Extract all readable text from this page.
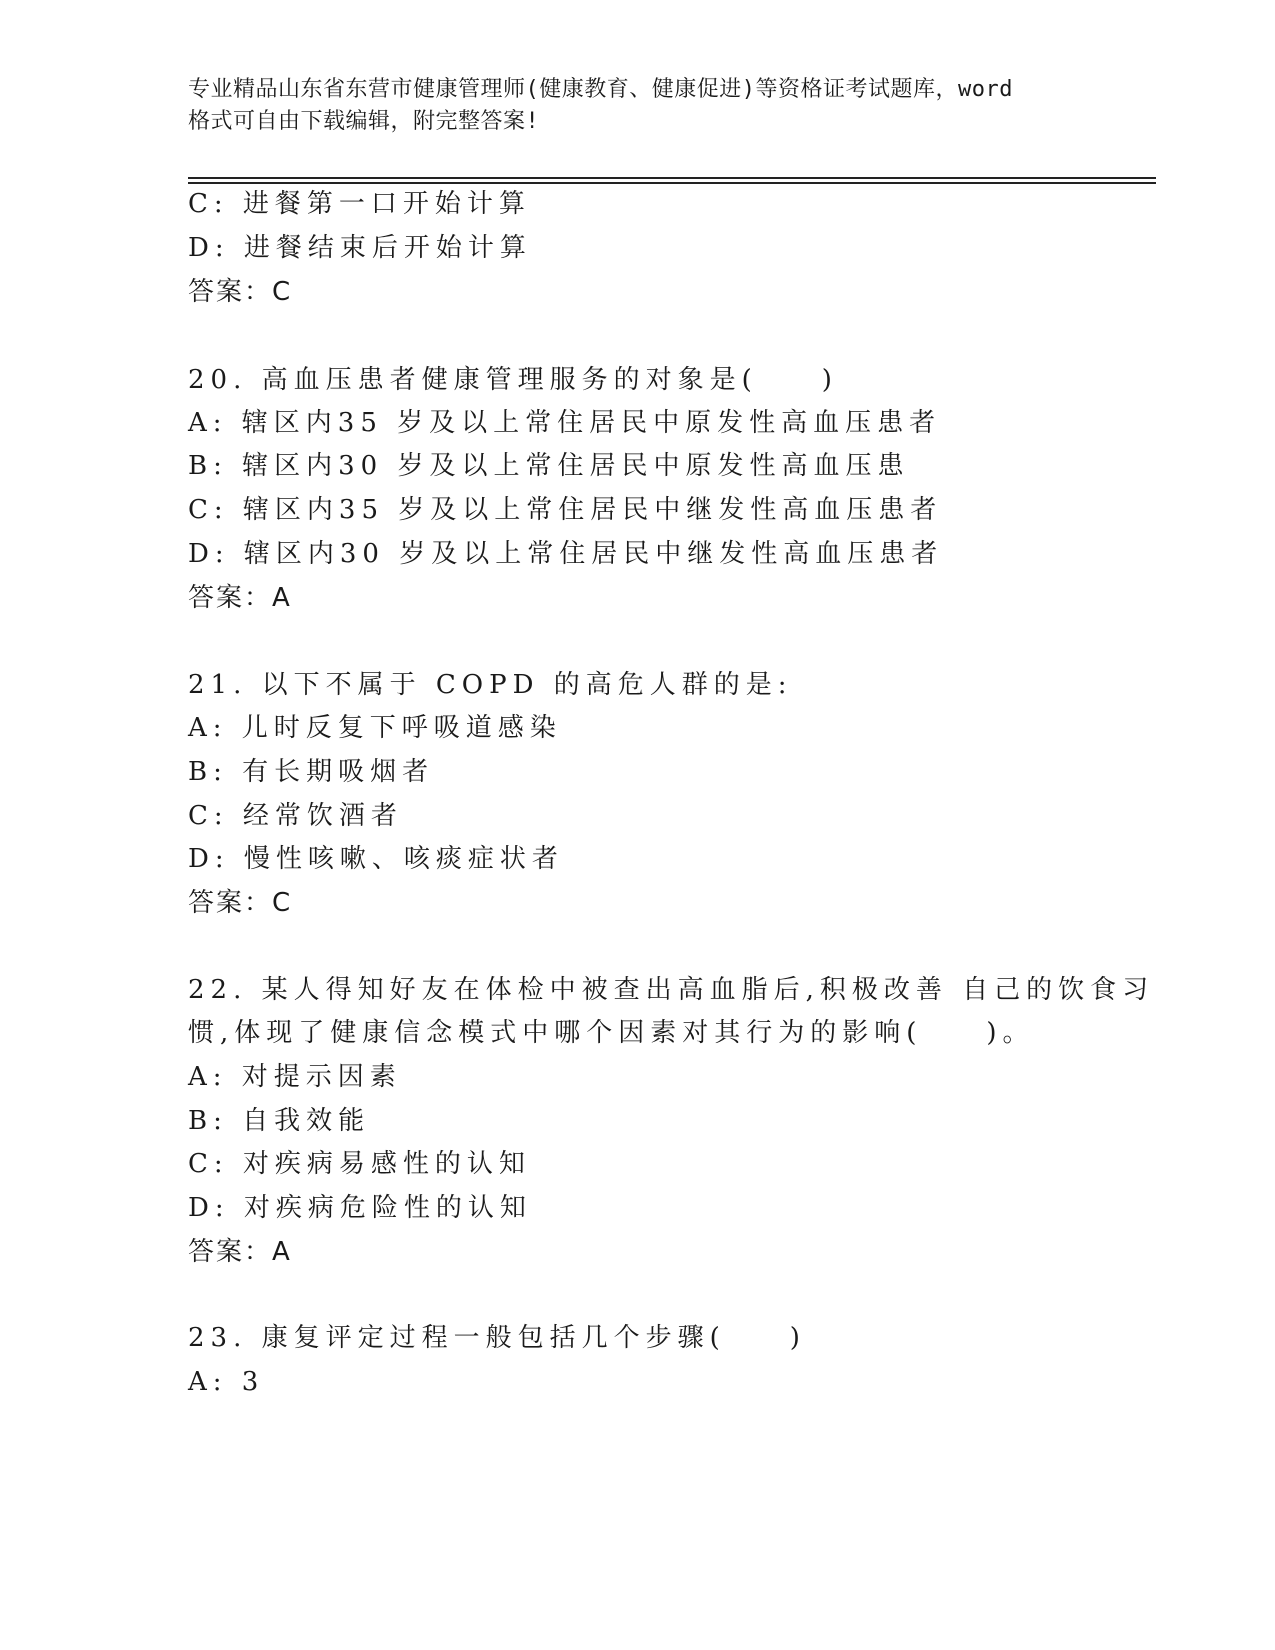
专业精品山东省东营市健康管理师(健康教育、健康促进)等资格证考试题库，word
格式可自由下载编辑，附完整答案!
C: 进餐第一口开始计算
D: 进餐结束后开始计算
答案：C
20. 高血压患者健康管理服务的对象是(　　)
A: 辖区内35 岁及以上常住居民中原发性高血压患者
B: 辖区内30 岁及以上常住居民中原发性高血压患
C: 辖区内35 岁及以上常住居民中继发性高血压患者
D: 辖区内30 岁及以上常住居民中继发性高血压患者
答案：A
21. 以下不属于 COPD 的高危人群的是:
A: 儿时反复下呼吸道感染
B: 有长期吸烟者
C: 经常饮酒者
D: 慢性咳嗽、咳痰症状者
答案：C
22. 某人得知好友在体检中被查出高血脂后,积极改善 自己的饮食习
惯,体现了健康信念模式中哪个因素对其行为的影响(　　)。
A: 对提示因素
B: 自我效能
C: 对疾病易感性的认知
D: 对疾病危险性的认知
答案：A
23. 康复评定过程一般包括几个步骤(　　)
A: 3
